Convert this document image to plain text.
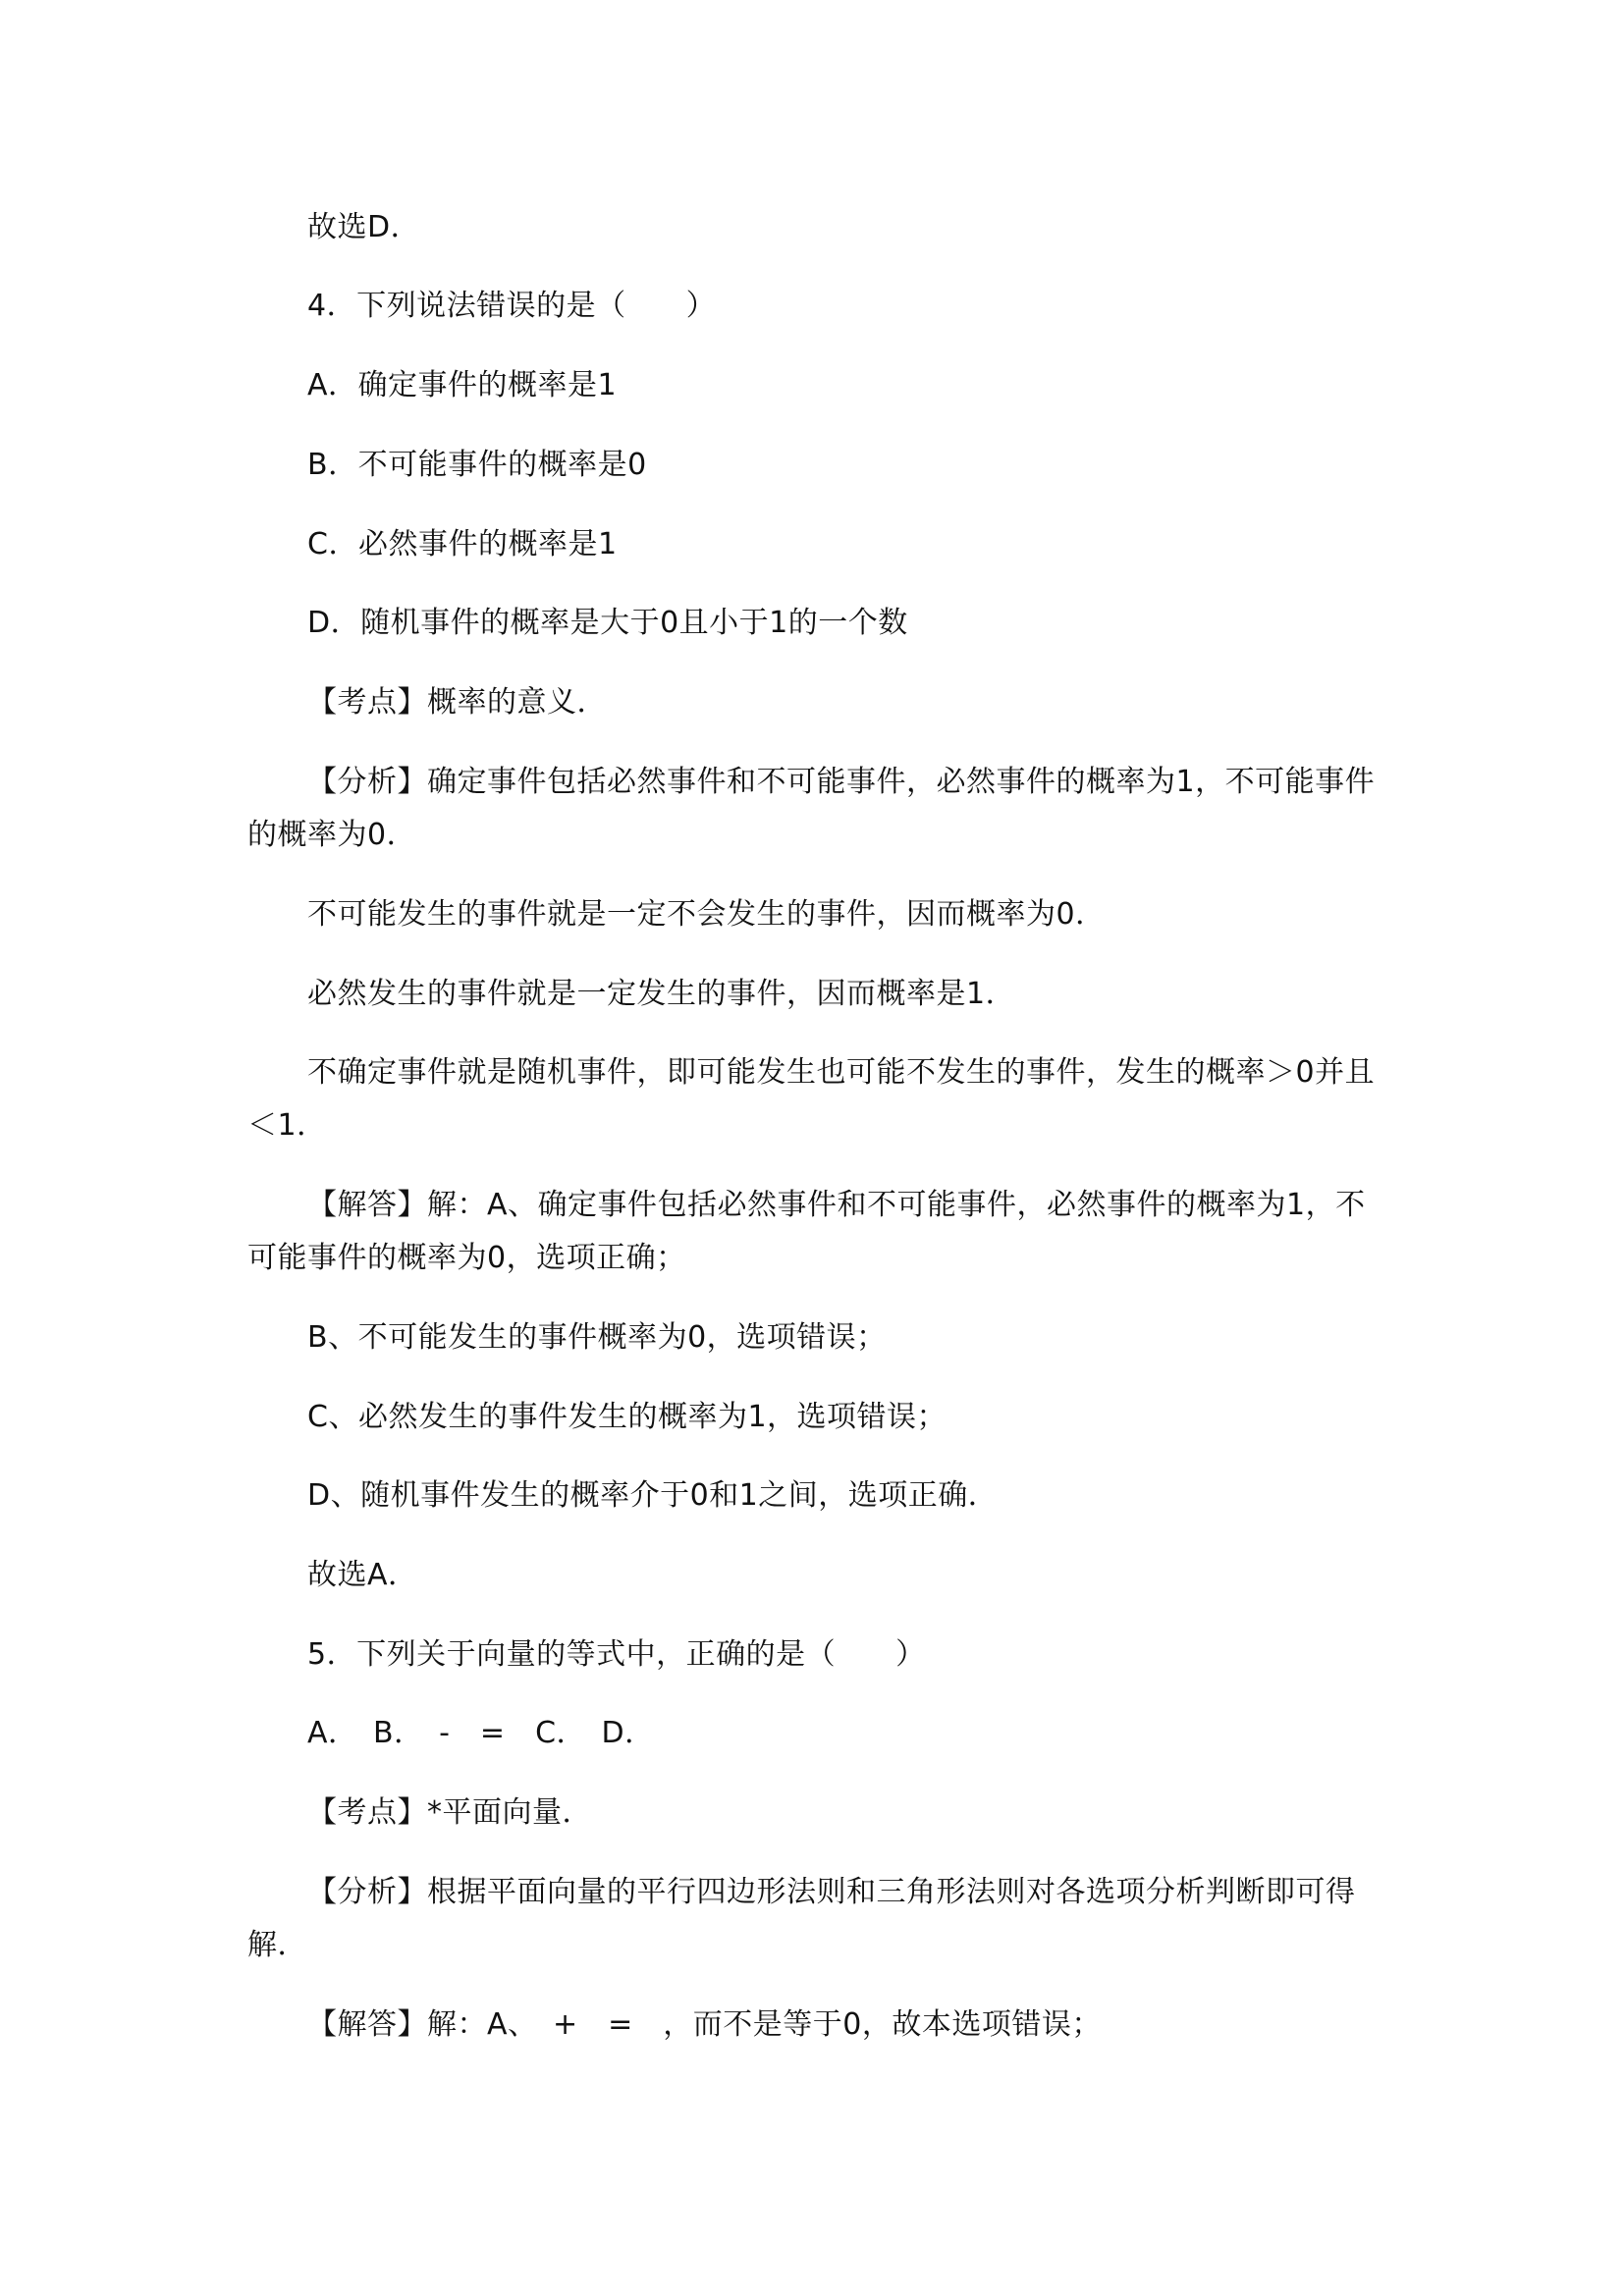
故选D．

4．下列说法错误的是（　　）

A．确定事件的概率是1

B．不可能事件的概率是0

C．必然事件的概率是1

D．随机事件的概率是大于0且小于1的一个数

【考点】概率的意义．

【分析】确定事件包括必然事件和不可能事件，必然事件的概率为1，不可能事件的概率为0．

不可能发生的事件就是一定不会发生的事件，因而概率为0．

必然发生的事件就是一定发生的事件，因而概率是1．

不确定事件就是随机事件，即可能发生也可能不发生的事件，发生的概率＞0并且＜1．

【解答】解：A、确定事件包括必然事件和不可能事件，必然事件的概率为1，不可能事件的概率为0，选项正确；

B、不可能发生的事件概率为0，选项错误；

C、必然发生的事件发生的概率为1，选项错误；

D、随机事件发生的概率介于0和1之间，选项正确．

故选A．

5．下列关于向量的等式中，正确的是（　　）

A．　B．　-　=　C．　D．

【考点】*平面向量．

【分析】根据平面向量的平行四边形法则和三角形法则对各选项分析判断即可得解．

【解答】解：A、　+　=　，而不是等于0，故本选项错误；
